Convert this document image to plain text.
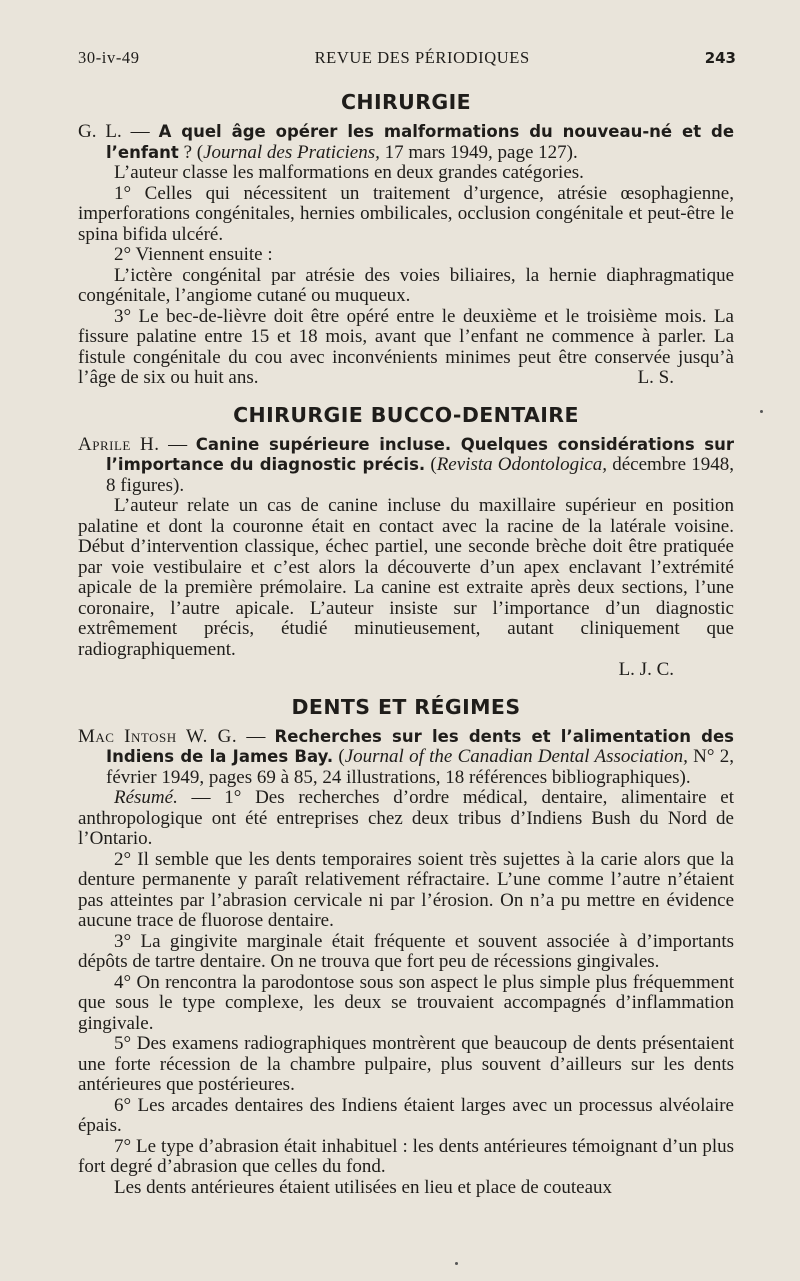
30-iv-49	REVUE DES PÉRIODIQUES	243
CHIRURGIE

G. L. — A quel âge opérer les malformations du nouveau-né et de l’enfant ? (Journal des Praticiens, 17 mars 1949, page 127).

L’auteur classe les malformations en deux grandes catégories.

1° Celles qui nécessitent un traitement d’urgence, atrésie œsophagienne, imperforations congénitales, hernies ombilicales, occlusion congénitale et peut-être le spina bifida ulcéré.

2° Viennent ensuite :

L’ictère congénital par atrésie des voies biliaires, la hernie diaphragmatique congénitale, l’angiome cutané ou muqueux.

3° Le bec-de-lièvre doit être opéré entre le deuxième et le troisième mois. La fissure palatine entre 15 et 18 mois, avant que l’enfant ne commence à parler. La fistule congénitale du cou avec inconvénients minimes peut être conservée jusqu’à l’âge de six ou huit ans.	L. S.

CHIRURGIE BUCCO-DENTAIRE

Aprile H. — Canine supérieure incluse. Quelques considérations sur l’importance du diagnostic précis. (Revista Odontologica, décembre 1948, 8 figures).

L’auteur relate un cas de canine incluse du maxillaire supérieur en position palatine et dont la couronne était en contact avec la racine de la latérale voisine. Début d’intervention classique, échec partiel, une seconde brèche doit être pratiquée par voie vestibulaire et c’est alors la découverte d’un apex enclavant l’extrémité apicale de la première prémolaire. La canine est extraite après deux sections, l’une coronaire, l’autre apicale. L’auteur insiste sur l’importance d’un diagnostic extrêmement précis, étudié minutieusement, autant cliniquement que radiographiquement.

L. J. C.
DENTS ET RÉGIMES

Mac Intosh W. G. — Recherches sur les dents et l’alimentation des Indiens de la James Bay. (Journal of the Canadian Dental Association, N° 2, février 1949, pages 69 à 85, 24 illustrations, 18 références bibliographiques).

Résumé. — 1° Des recherches d’ordre médical, dentaire, alimentaire et anthropologique ont été entreprises chez deux tribus d’Indiens Bush du Nord de l’Ontario.

2° Il semble que les dents temporaires soient très sujettes à la carie alors que la denture permanente y paraît relativement réfractaire. L’une comme l’autre n’étaient pas atteintes par l’abrasion cervicale ni par l’érosion. On n’a pu mettre en évidence aucune trace de fluorose dentaire.

3° La gingivite marginale était fréquente et souvent associée à d’importants dépôts de tartre dentaire. On ne trouva que fort peu de récessions gingivales.

4° On rencontra la parodontose sous son aspect le plus simple plus fréquemment que sous le type complexe, les deux se trouvaient accompagnés d’inflammation gingivale.

5° Des examens radiographiques montrèrent que beaucoup de dents présentaient une forte récession de la chambre pulpaire, plus souvent d’ailleurs sur les dents antérieures que postérieures.

6° Les arcades dentaires des Indiens étaient larges avec un processus alvéolaire épais.

7° Le type d’abrasion était inhabituel : les dents antérieures témoignant d’un plus fort degré d’abrasion que celles du fond.

Les dents antérieures étaient utilisées en lieu et place de couteaux
